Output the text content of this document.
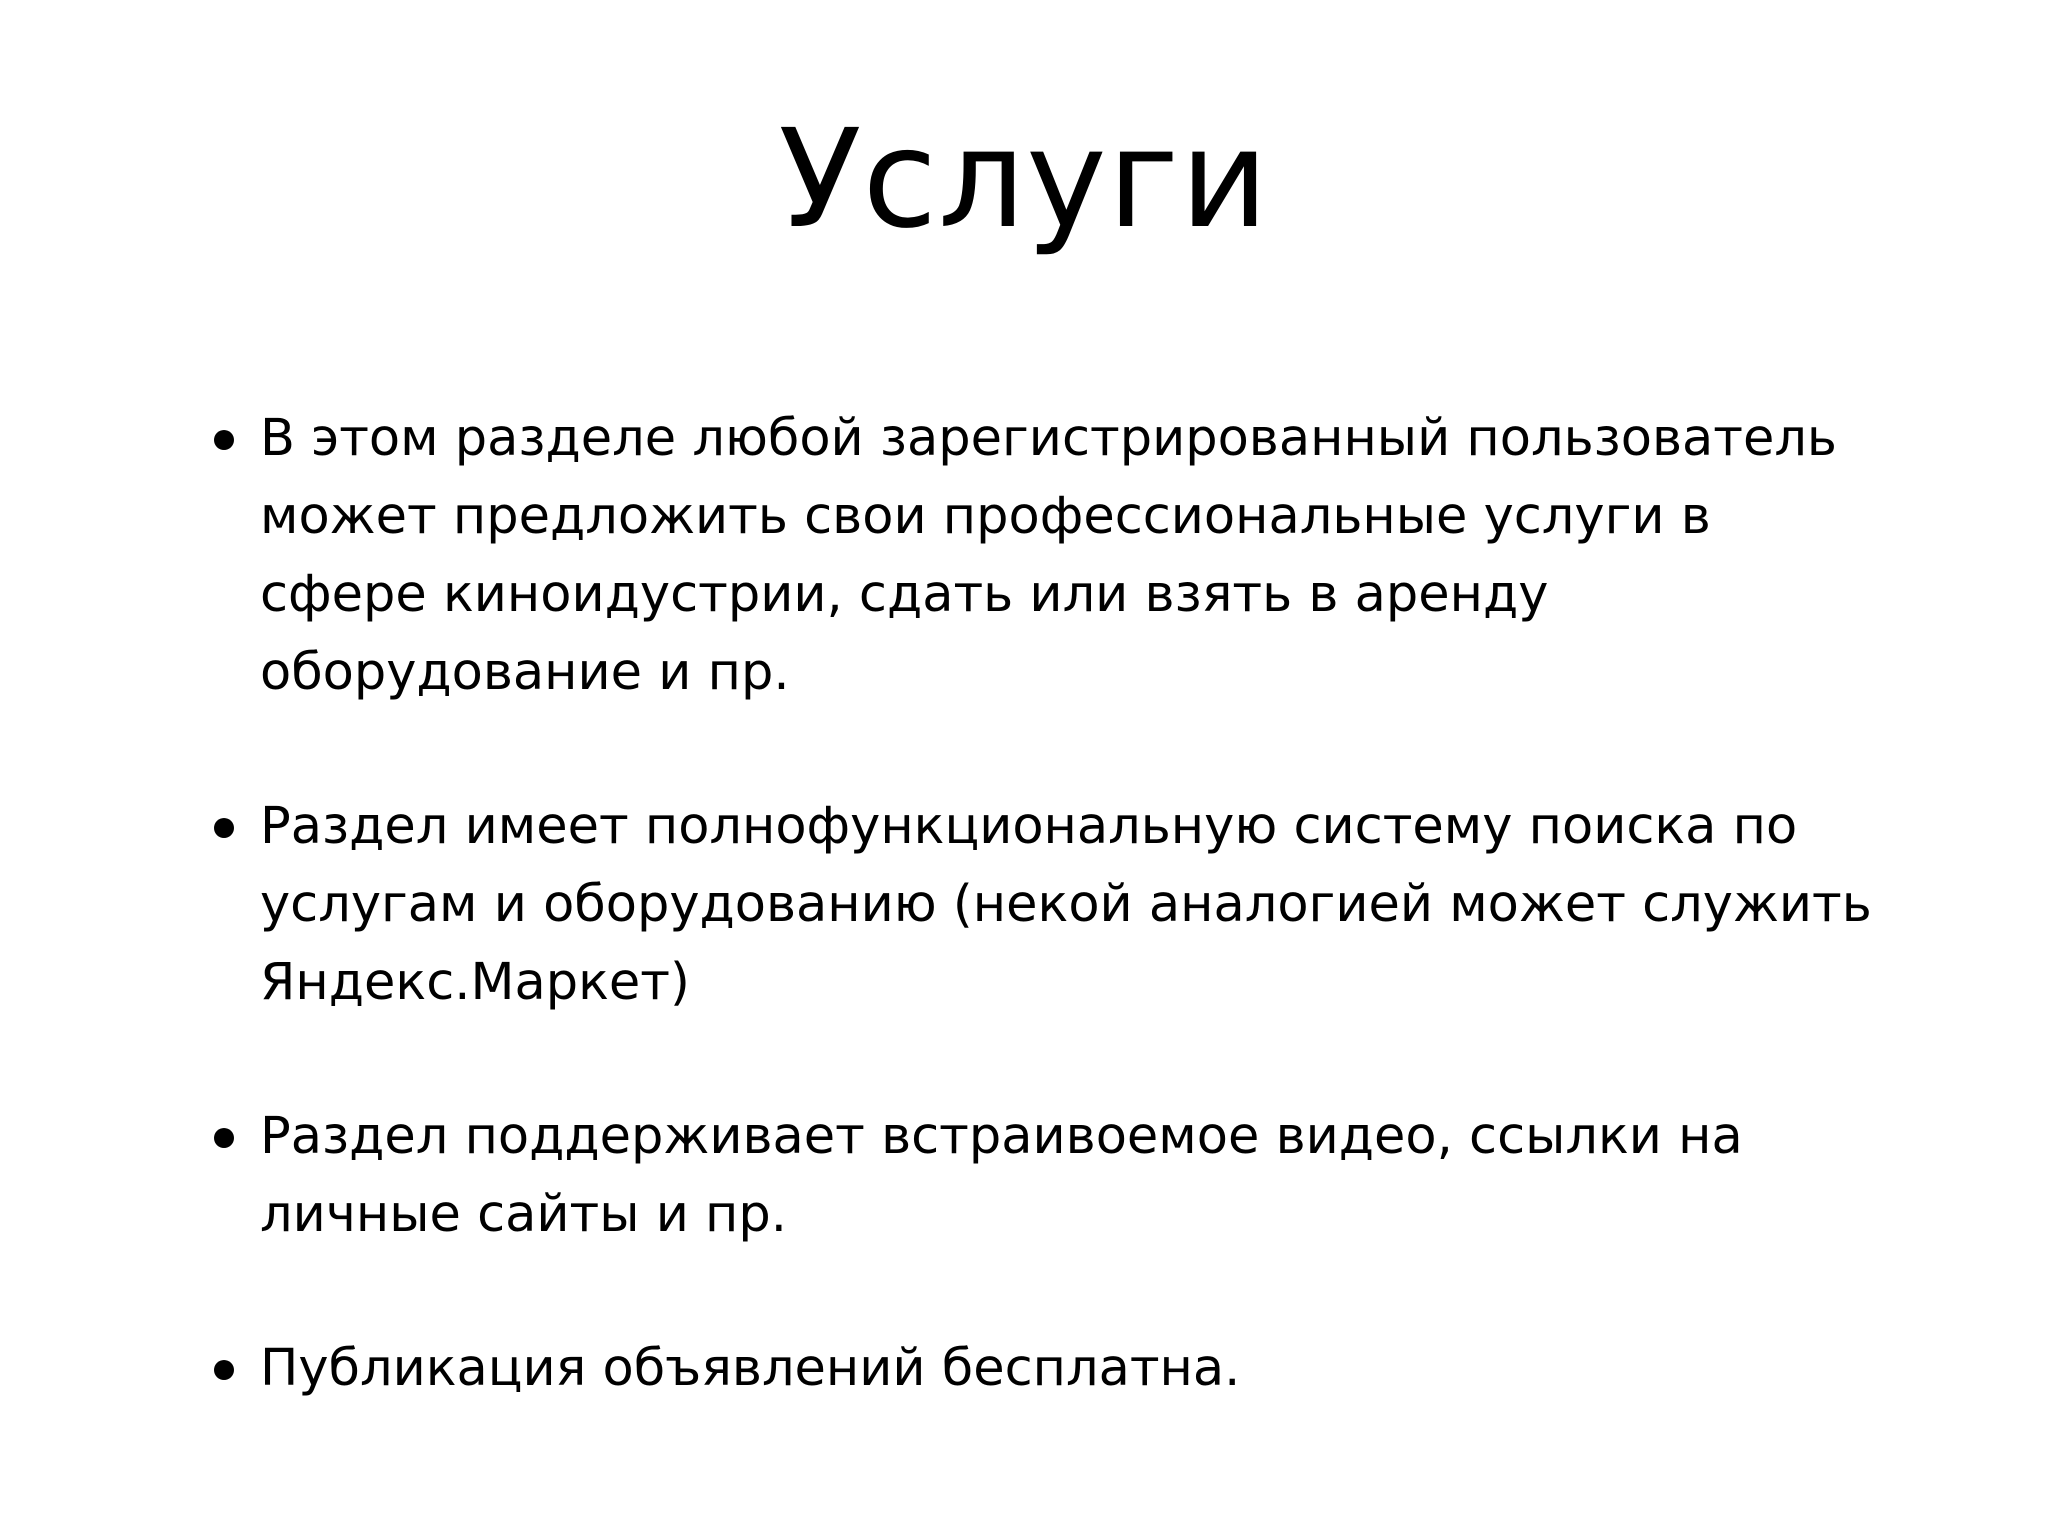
Услуги
В этом разделе любой зарегистрированный пользователь может предложить свои профессиональные услуги в сфере киноидустрии, сдать или взять в аренду оборудование и пр.
Раздел имеет полнофункциональную систему поиска по услугам и оборудованию (некой аналогией может служить Яндекс.Маркет)
Раздел поддерживает встраивоемое видео, ссылки на личные сайты и пр.
Публикация объявлений бесплатна.
